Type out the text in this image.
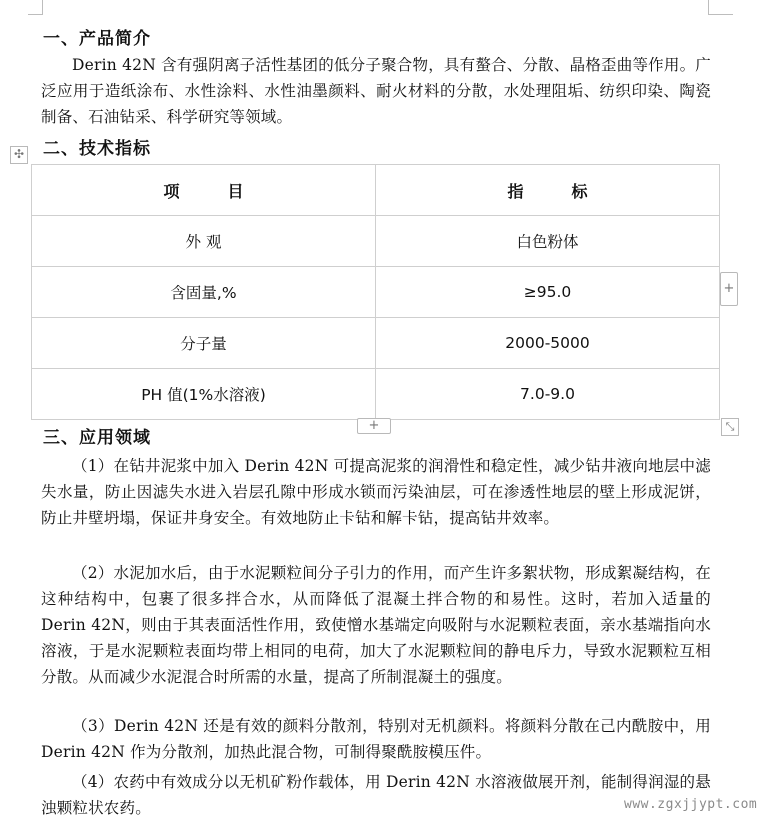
一、产品简介

Derin 42N 含有强阴离子活性基团的低分子聚合物，具有螯合、分散、晶格歪曲等作用。广泛应用于造纸涂布、水性涂料、水性油墨颜料、耐火材料的分散，水处理阻垢、纺织印染、陶瓷制备、石油钻采、科学研究等领域。

二、技术指标
✣
项　　　目	指　　　标
外 观	白色粉体
含固量,%	≥95.0
分子量	2000-5000
PH 值(1%水溶液)	7.0-9.0
+
+	⤡
三、应用领域

（1）在钻井泥浆中加入 Derin 42N 可提高泥浆的润滑性和稳定性，减少钻井液向地层中滤失水量，防止因滤失水进入岩层孔隙中形成水锁而污染油层，可在渗透性地层的壁上形成泥饼，防止井壁坍塌，保证井身安全。有效地防止卡钻和解卡钻，提高钻井效率。

（2）水泥加水后，由于水泥颗粒间分子引力的作用，而产生许多絮状物，形成絮凝结构，在这种结构中，包裹了很多拌合水，从而降低了混凝土拌合物的和易性。这时，若加入适量的 Derin 42N，则由于其表面活性作用，致使憎水基端定向吸附与水泥颗粒表面，亲水基端指向水溶液，于是水泥颗粒表面均带上相同的电荷，加大了水泥颗粒间的静电斥力，导致水泥颗粒互相分散。从而减少水泥混合时所需的水量，提高了所制混凝土的强度。

（3）Derin 42N 还是有效的颜料分散剂，特别对无机颜料。将颜料分散在己内酰胺中，用 Derin 42N 作为分散剂，加热此混合物，可制得聚酰胺模压件。

（4）农药中有效成分以无机矿粉作载体，用 Derin 42N 水溶液做展开剂，能制得润湿的悬浊颗粒状农药。	www.zgxjjypt.com
